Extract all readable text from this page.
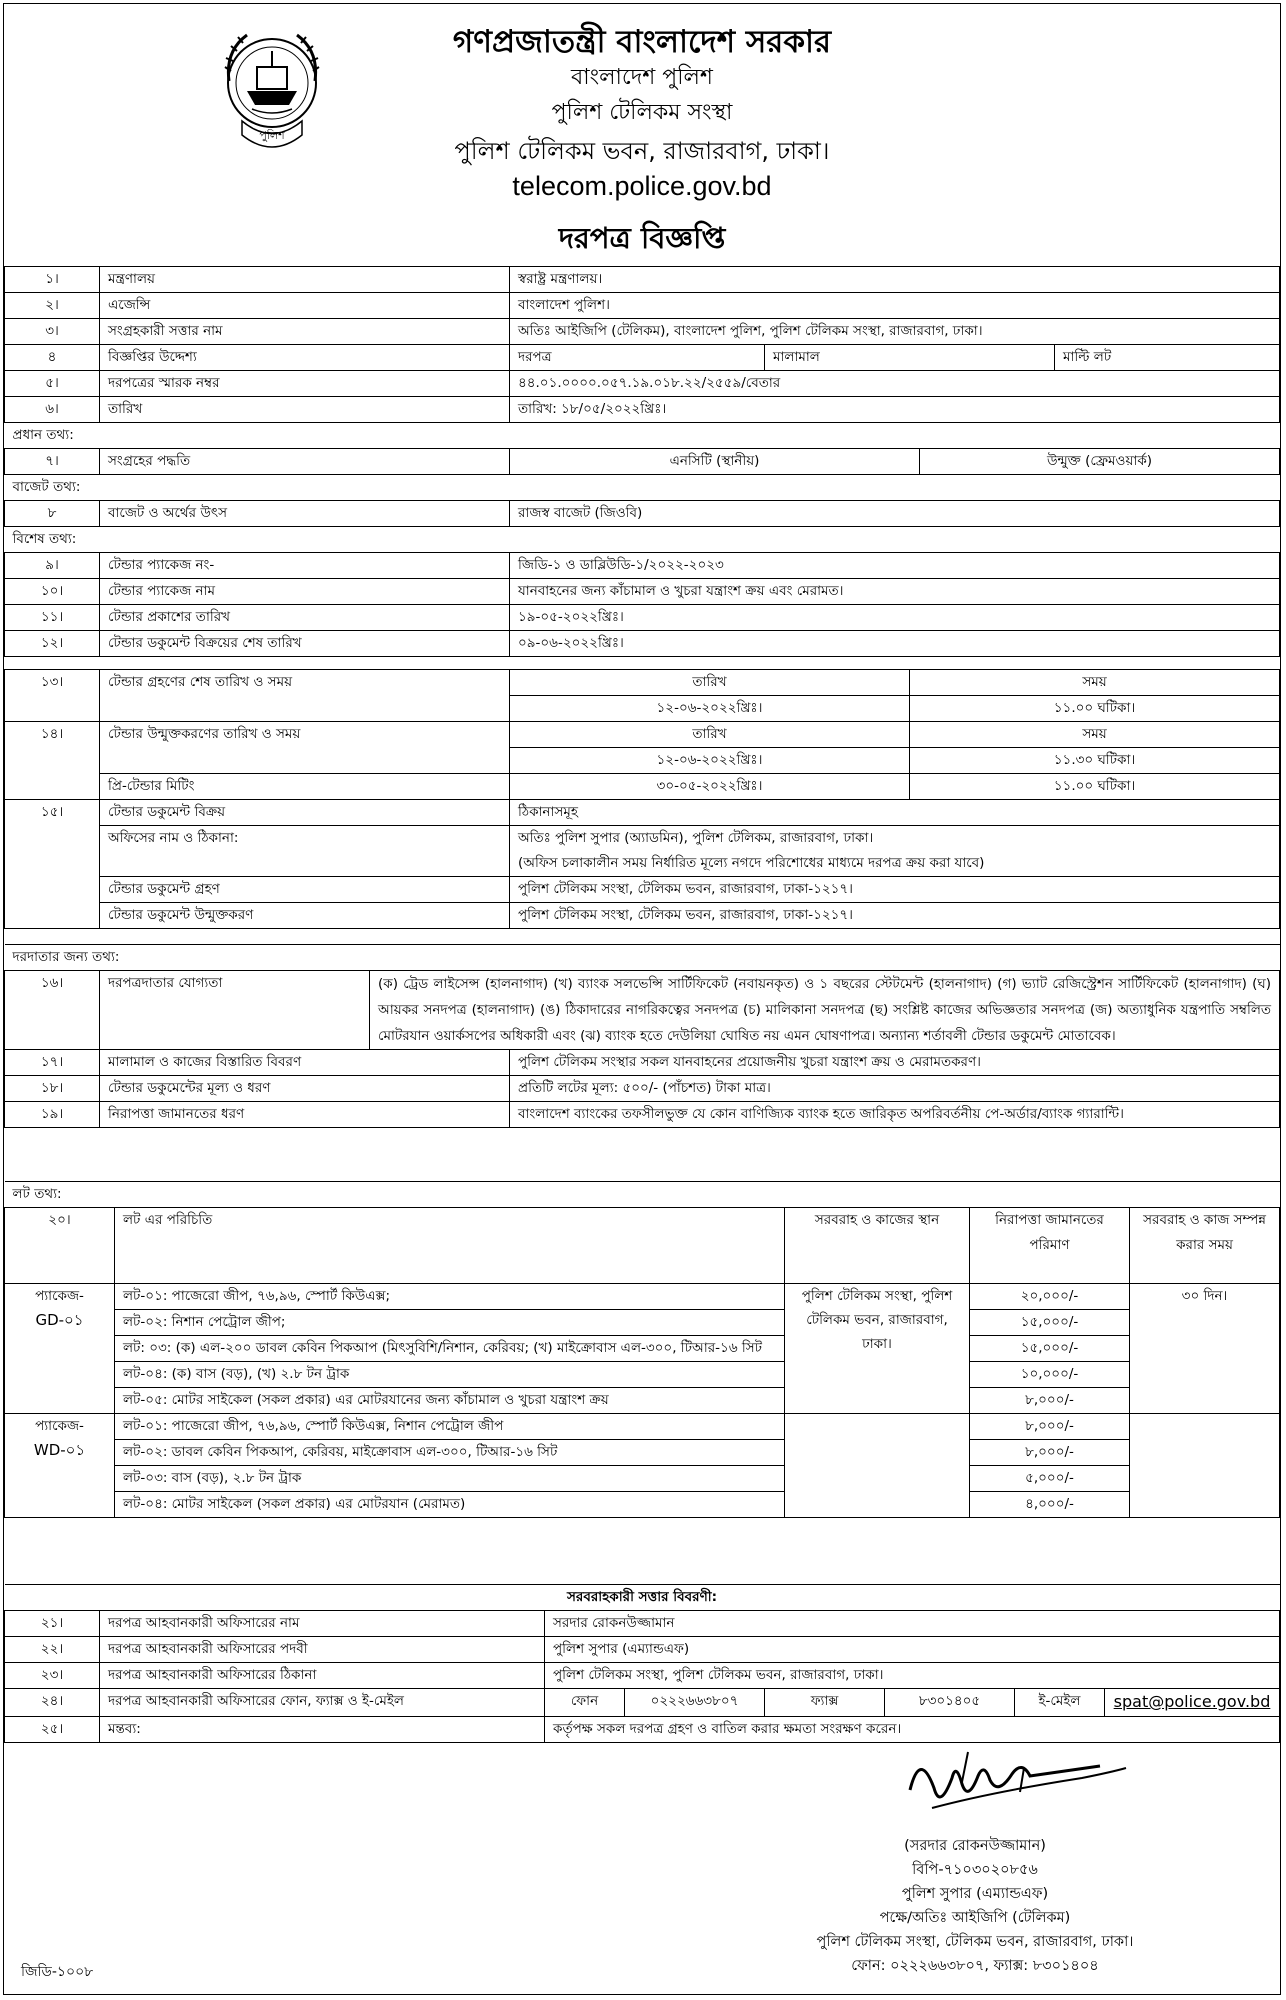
পুলিশ
গণপ্রজাতন্ত্রী বাংলাদেশ সরকার
বাংলাদেশ পুলিশ
পুলিশ টেলিকম সংস্থা
পুলিশ টেলিকম ভবন, রাজারবাগ, ঢাকা।
telecom.police.gov.bd
দরপত্র বিজ্ঞপ্তি
১।	মন্ত্রণালয়	স্বরাষ্ট্র মন্ত্রণালয়।			
২।	এজেন্সি	বাংলাদেশ পুলিশ।			
৩।	সংগ্রহকারী সত্তার নাম	অতিঃ আইজিপি (টেলিকম), বাংলাদেশ পুলিশ, পুলিশ টেলিকম সংস্থা, রাজারবাগ, ঢাকা।			
৪	বিজ্ঞপ্তির উদ্দেশ্য	দরপত্র	মালামাল		মাল্টি লট
৫।	দরপত্রের স্মারক নম্বর	৪৪.০১.০০০০.০৫৭.১৯.০১৮.২২/২৫৫৯/বেতার			
৬।	তারিখ	তারিখ: ১৮/০৫/২০২২খ্রিঃ।			
প্রধান তথ্য:					
৭।	সংগ্রহের পদ্ধতি	এনসিটি (স্থানীয়)		উন্মুক্ত (ফ্রেমওয়ার্ক)	
বাজেট তথ্য:					
৮	বাজেট ও অর্থের উৎস	রাজস্ব বাজেট (জিওবি)			
বিশেষ তথ্য:					
৯।	টেন্ডার প্যাকেজ নং-	জিডি-১ ও ডাব্লিউডি-১/২০২২-২০২৩			
১০।	টেন্ডার প্যাকেজ নাম	যানবাহনের জন্য কাঁচামাল ও খুচরা যন্ত্রাংশ ক্রয় এবং মেরামত।			
১১।	টেন্ডার প্রকাশের তারিখ	১৯-০৫-২০২২খ্রিঃ।			
১২।	টেন্ডার ডকুমেন্ট বিক্রয়ের শেষ তারিখ	০৯-০৬-২০২২খ্রিঃ।			
১৩।	টেন্ডার গ্রহণের শেষ তারিখ ও সময়	তারিখ	সময়
		১২-০৬-২০২২খ্রিঃ।	১১.০০ ঘটিকা।
১৪।	টেন্ডার উন্মুক্তকরণের তারিখ ও সময়	তারিখ	সময়
		১২-০৬-২০২২খ্রিঃ।	১১.৩০ ঘটিকা।
	প্রি-টেন্ডার মিটিং	৩০-০৫-২০২২খ্রিঃ।	১১.০০ ঘটিকা।
১৫।	টেন্ডার ডকুমেন্ট বিক্রয়	ঠিকানাসমূহ	
	অফিসের নাম ও ঠিকানা:	অতিঃ পুলিশ সুপার (অ্যাডমিন), পুলিশ টেলিকম, রাজারবাগ, ঢাকা।
(অফিস চলাকালীন সময় নির্ধারিত মূল্যে নগদে পরিশোধের মাধ্যমে দরপত্র ক্রয় করা যাবে)	

	টেন্ডার ডকুমেন্ট গ্রহণ	পুলিশ টেলিকম সংস্থা, টেলিকম ভবন, রাজারবাগ, ঢাকা-১২১৭।	
	টেন্ডার ডকুমেন্ট উন্মুক্তকরণ	পুলিশ টেলিকম সংস্থা, টেলিকম ভবন, রাজারবাগ, ঢাকা-১২১৭।	
দরদাতার জন্য তথ্য:			
১৬।	দরপত্রদাতার যোগ্যতা	(ক) ট্রেড লাইসেন্স (হালনাগাদ) (খ) ব্যাংক সলভেন্সি সার্টিফিকেট (নবায়নকৃত) ও ১ বছরের স্টেটমেন্ট (হালনাগাদ) (গ) ভ্যাট রেজিস্ট্রেশন সার্টিফিকেট (হালনাগাদ) (ঘ) আয়কর সনদপত্র (হালনাগাদ) (ঙ) ঠিকাদারের নাগরিকত্বের সনদপত্র (চ) মালিকানা সনদপত্র (ছ) সংশ্লিষ্ট কাজের অভিজ্ঞতার সনদপত্র (জ) অত্যাধুনিক যন্ত্রপাতি সম্বলিত মোটরযান ওয়ার্কসপের অধিকারী এবং (ঝ) ব্যাংক হতে দেউলিয়া ঘোষিত নয় এমন ঘোষণাপত্র। অন্যান্য শর্তাবলী টেন্ডার ডকুমেন্ট মোতাবেক।	
১৭।	মালামাল ও কাজের বিস্তারিত বিবরণ		পুলিশ টেলিকম সংস্থার সকল যানবাহনের প্রয়োজনীয় খুচরা যন্ত্রাংশ ক্রয় ও মেরামতকরণ।
১৮।	টেন্ডার ডকুমেন্টের মূল্য ও ধরণ		প্রতিটি লটের মূল্য: ৫০০/- (পাঁচশত) টাকা মাত্র।
১৯।	নিরাপত্তা জামানতের ধরণ		বাংলাদেশ ব্যাংকের তফসীলভুক্ত যে কোন বাণিজ্যিক ব্যাংক হতে জারিকৃত অপরিবর্তনীয় পে-অর্ডার/ব্যাংক গ্যারান্টি।
লট তথ্য:				
২০।	লট এর পরিচিতি	সরবরাহ ও কাজের স্থান	নিরাপত্তা জামানতের পরিমাণ	সরবরাহ ও কাজ সম্পন্ন করার সময়

প্যাকেজ-
GD-০১	লট-০১: পাজেরো জীপ, ৭৬,৯৬, স্পোর্ট কিউএক্স;	পুলিশ টেলিকম সংস্থা, পুলিশ টেলিকম ভবন, রাজারবাগ, ঢাকা।	২০,০০০/-	৩০ দিন।
	লট-০২: নিশান পেট্রোল জীপ;		১৫,০০০/-	
	লট: ০৩: (ক) এল-২০০ ডাবল কেবিন পিকআপ (মিৎসুবিশি/নিশান, কেরিবয়; (খ) মাইক্রোবাস এল-৩০০, টিআর-১৬ সিট		১৫,০০০/-	
	লট-০৪: (ক) বাস (বড়), (খ) ২.৮ টন ট্রাক		১০,০০০/-	
	লট-০৫: মোটর সাইকেল (সকল প্রকার) এর মোটরযানের জন্য কাঁচামাল ও খুচরা যন্ত্রাংশ ক্রয়		৮,০০০/-	

প্যাকেজ-
WD-০১	লট-০১: পাজেরো জীপ, ৭৬,৯৬, স্পোর্ট কিউএক্স, নিশান পেট্রোল জীপ		৮,০০০/-	
	লট-০২: ডাবল কেবিন পিকআপ, কেরিবয়, মাইক্রোবাস এল-৩০০, টিআর-১৬ সিট		৮,০০০/-	
	লট-০৩: বাস (বড়), ২.৮ টন ট্রাক		৫,০০০/-	
	লট-০৪: মোটর সাইকেল (সকল প্রকার) এর মোটরযান (মেরামত)		৪,০০০/-	
সরবরাহকারী সত্তার বিবরণী:							
২১।	দরপত্র আহবানকারী অফিসারের নাম	সরদার রোকনউজ্জামান					
২২।	দরপত্র আহবানকারী অফিসারের পদবী	পুলিশ সুপার (এম্যান্ডএফ)					
২৩।	দরপত্র আহবানকারী অফিসারের ঠিকানা	পুলিশ টেলিকম সংস্থা, পুলিশ টেলিকম ভবন, রাজারবাগ, ঢাকা।					
২৪।	দরপত্র আহবানকারী অফিসারের ফোন, ফ্যাক্স ও ই-মেইল	ফোন	০২২২৬৬৩৮০৭	ফ্যাক্স	৮৩০১৪০৫	ই-মেইল	spat@police.gov.bd
২৫।	মন্তব্য:	কর্তৃপক্ষ সকল দরপত্র গ্রহণ ও বাতিল করার ক্ষমতা সংরক্ষণ করেন।					সরদার
(সরদার রোকনউজ্জামান)
বিপি-৭১০৩০২০৮৫৬
পুলিশ সুপার (এম্যান্ডএফ)
পক্ষে/অতিঃ আইজিপি (টেলিকম)
পুলিশ টেলিকম সংস্থা, টেলিকম ভবন, রাজারবাগ, ঢাকা।
ফোন: ০২২২৬৬৩৮০৭, ফ্যাক্স: ৮৩০১৪০৪
জিডি-১০০৮
